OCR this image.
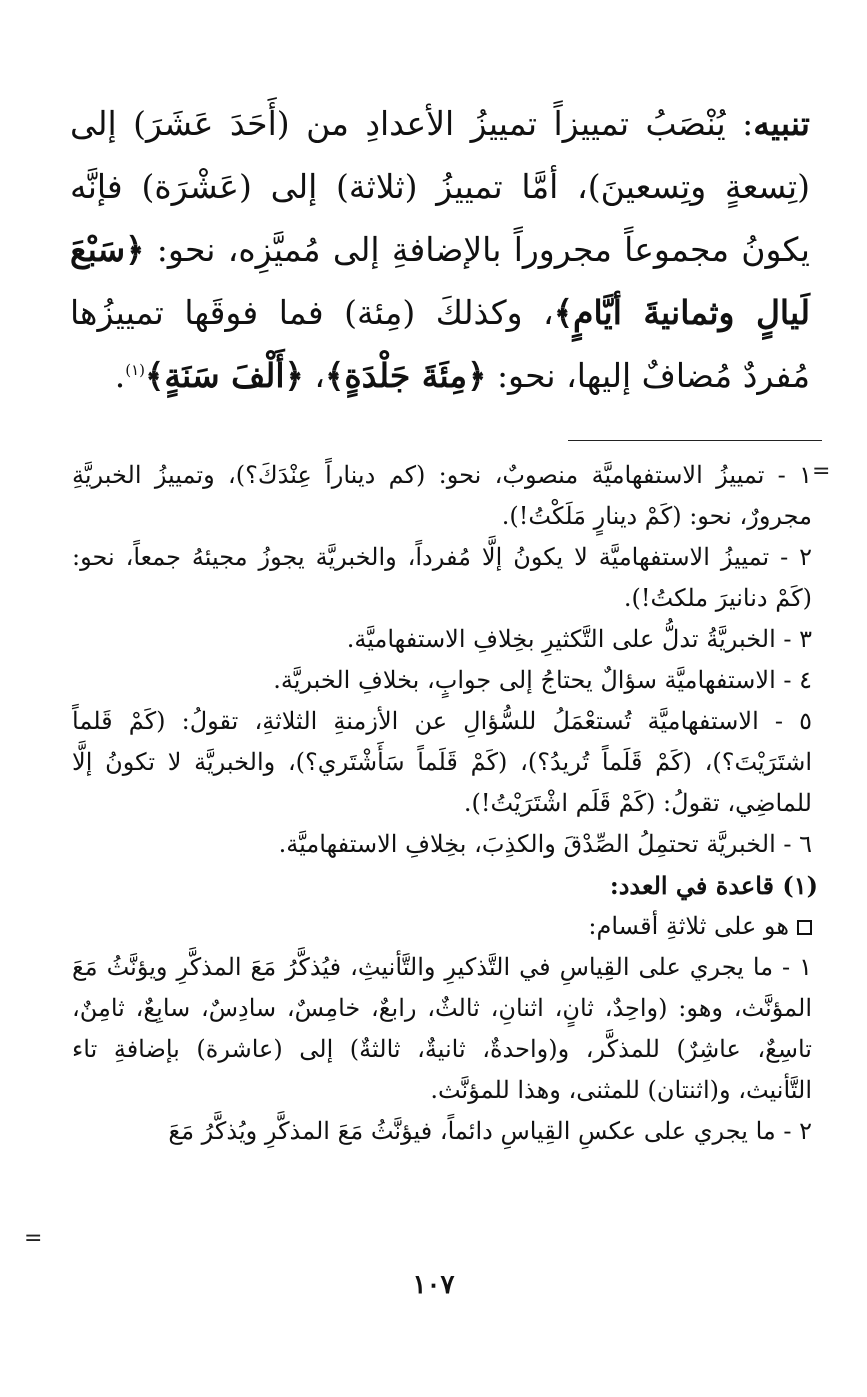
تنبيه: يُنْصَبُ تمييزاً تمييزُ الأعدادِ من (أَحَدَ عَشَرَ) إلى (تِسعةٍ وتِسعينَ)، أمَّا تمييزُ (ثلاثة) إلى (عَشْرَة) فإنَّه يكونُ مجموعاً مجروراً بالإضافةِ إلى مُميَّزِه، نحو: ﴿سَبْعَ لَيالٍ وثمانيةَ أيَّامٍ﴾، وكذلكَ (مِئة) فما فوقَها تمييزُها مُفردٌ مُضافٌ إليها، نحو: ﴿مِئَةَ جَلْدَةٍ﴾، ﴿أَلْفَ سَنَةٍ﴾$^{(١)}$.
=

١ - تمييزُ الاستفهاميَّة منصوبٌ، نحو: (كم ديناراً عِنْدَكَ؟)، وتمييزُ الخبريَّةِ مجرورٌ، نحو: (كَمْ دينارٍ مَلَكْتُ!).

٢ - تمييزُ الاستفهاميَّة لا يكونُ إلَّا مُفرداً، والخبريَّة يجوزُ مجيئهُ جمعاً، نحو: (كَمْ دنانيرَ ملكتُ!).

٣ - الخبريَّةُ تدلُّ على التَّكثيرِ بخِلافِ الاستفهاميَّة.

٤ - الاستفهاميَّة سؤالٌ يحتاجُ إلى جوابٍ، بخلافِ الخبريَّة.

٥ - الاستفهاميَّة تُستعْمَلُ للسُّؤالِ عن الأزمنةِ الثلاثةِ، تقولُ: (كَمْ قَلماً اشتَرَيْتَ؟)، (كَمْ قَلَماً تُريدُ؟)، (كَمْ قَلَماً سَأَشْتَري؟)، والخبريَّة لا تكونُ إلَّا للماضِي، تقولُ: (كَمْ قَلَم اشْتَرَيْتُ!).

٦ - الخبريَّة تحتمِلُ الصِّدْقَ والكذِبَ، بخِلافِ الاستفهاميَّة.

(١) قاعدة في العدد:

هو على ثلاثةِ أقسام:

١ - ما يجري على القِياسِ في التَّذكيرِ والتَّأنيثِ، فيُذكَّرُ مَعَ المذكَّرِ ويؤنَّثُ مَعَ المؤنَّث، وهو: (واحِدٌ، ثانٍ، اثنانِ، ثالثٌ، رابعٌ، خامِسٌ، سادِسٌ، سابِعٌ، ثامِنٌ، تاسِعٌ، عاشِرٌ) للمذكَّر، و(واحدةٌ، ثانيةٌ، ثالثةٌ) إلى (عاشرة) بإضافةِ تاء التَّأنيث، و(اثنتان) للمثنى، وهذا للمؤنَّث.

٢ - ما يجري على عكسِ القِياسِ دائماً، فيؤنَّثُ مَعَ المذكَّرِ ويُذكَّرُ مَعَ

=
١٠٧
